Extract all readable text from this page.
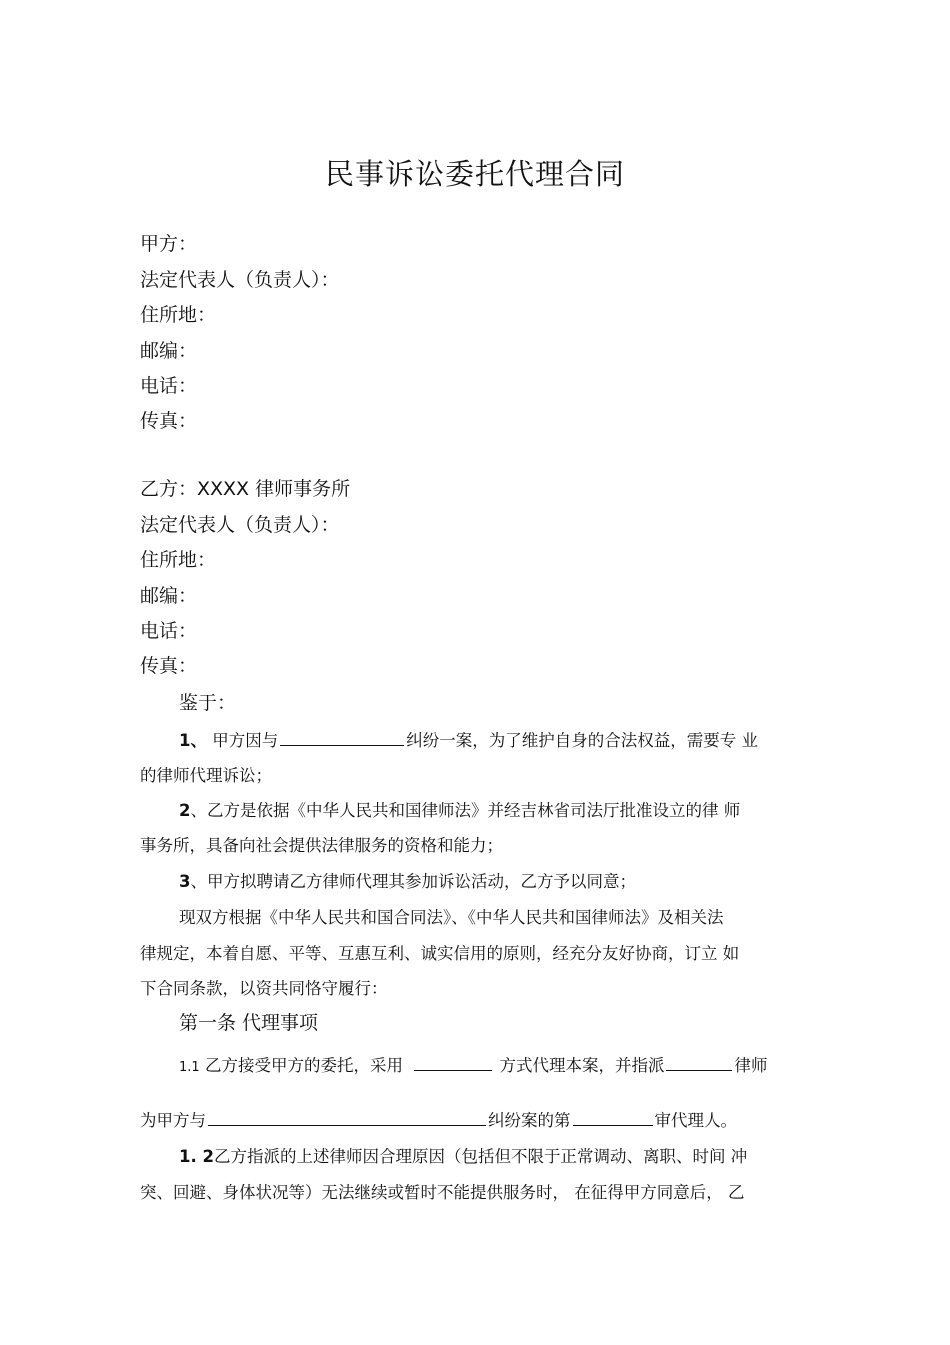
民事诉讼委托代理合同
甲方：
法定代表人（负责人）：
住所地：
邮编：
电话：
传真：
乙方：XXXX 律师事务所
法定代表人（负责人）：
住所地：
邮编：
电话：
传真：
鉴于：
1、 甲方因与	纠纷一案，为了维护自身的合法权益，需要专 业
的律师代理诉讼；
2、乙方是依据《中华人民共和国律师法》并经吉林省司法厅批准设立的律 师
事务所，具备向社会提供法律服务的资格和能力；
3、甲方拟聘请乙方律师代理其参加诉讼活动，乙方予以同意；
现双方根据《中华人民共和国合同法》、《中华人民共和国律师法》及相关法
律规定，本着自愿、平等、互惠互利、诚实信用的原则，经充分友好协商，订立 如
下合同条款，以资共同恪守履行：
第一条 代理事项
1.1 乙方接受甲方的委托，采用	方式代理本案，并指派	律师
为甲方与	纠纷案的第	审代理人。
1. 2乙方指派的上述律师因合理原因（包括但不限于正常调动、离职、时间 冲
突、回避、身体状况等）无法继续或暂时不能提供服务时， 在征得甲方同意后， 乙
